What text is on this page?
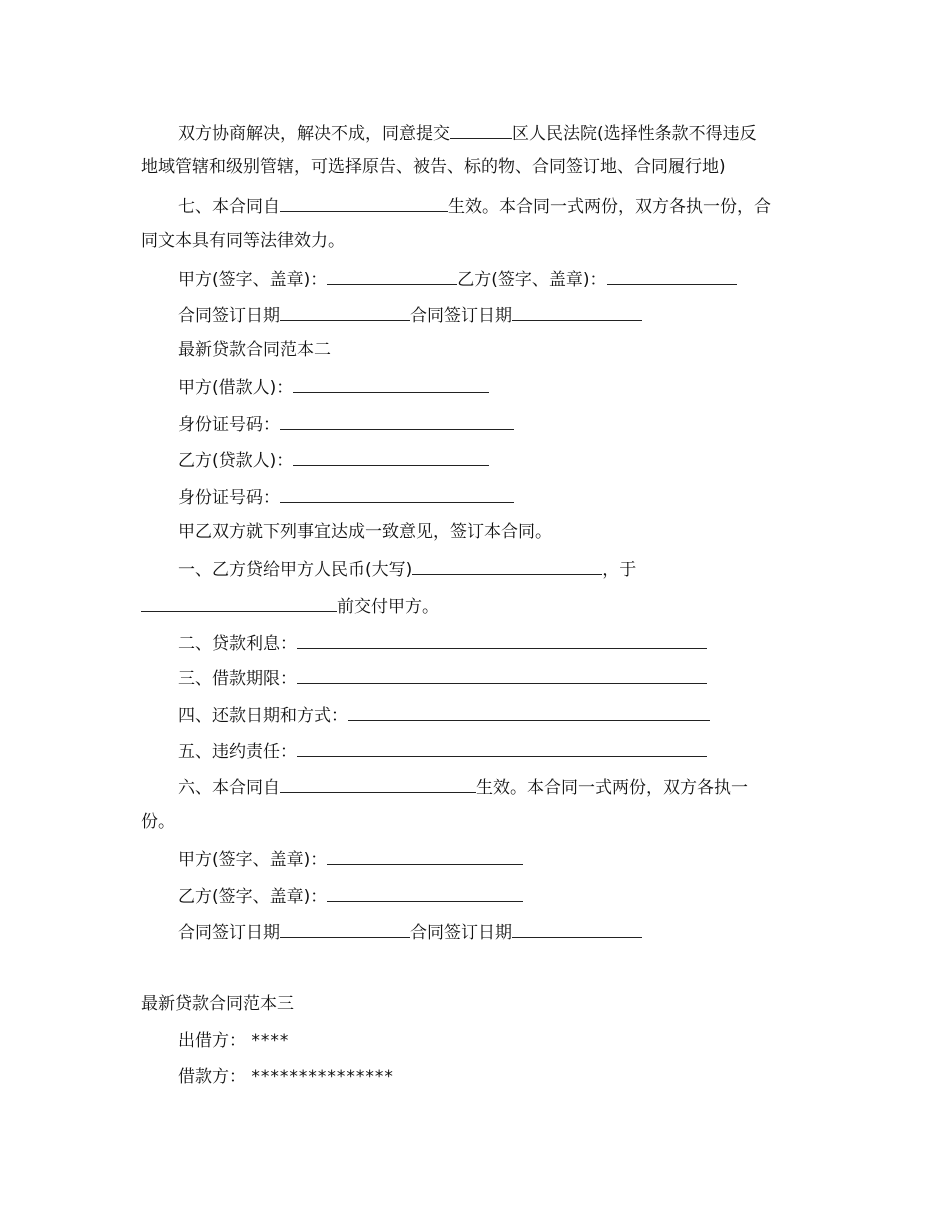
双方协商解决，解决不成，同意提交	区人民法院(选择性条款不得违反
地域管辖和级别管辖，可选择原告、被告、标的物、合同签订地、合同履行地)
七、本合同自	生效。本合同一式两份，双方各执一份，合
同文本具有同等法律效力。
甲方(签字、盖章)：	乙方(签字、盖章)：
合同签订日期	合同签订日期
最新贷款合同范本二
甲方(借款人)：
身份证号码：
乙方(贷款人)：
身份证号码：
甲乙双方就下列事宜达成一致意见，签订本合同。
一、乙方贷给甲方人民币(大写)	，于
前交付甲方。
二、贷款利息：
三、借款期限：
四、还款日期和方式：
五、违约责任：
六、本合同自	生效。本合同一式两份，双方各执一
份。
甲方(签字、盖章)：
乙方(签字、盖章)：
合同签订日期	合同签订日期
最新贷款合同范本三
出借方： ****
借款方： ***************
